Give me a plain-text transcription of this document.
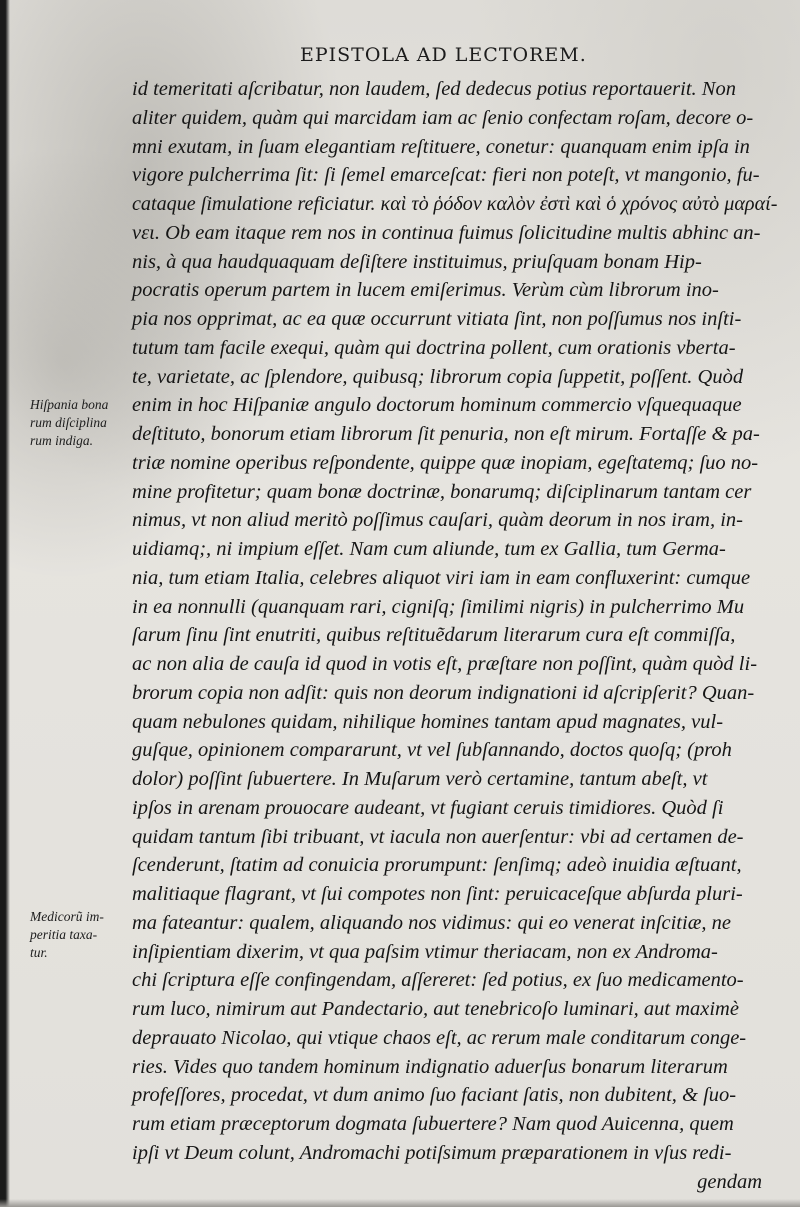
EPISTOLA AD LECTOREM.
Hiſpania bona
rum diſciplina
rum indiga.
Medicorũ im-
peritia taxa-
tur.
id temeritati aſcribatur, non laudem, ſed dedecus potius reportauerit. Non
aliter quidem, quàm qui marcidam iam ac ſenio confectam roſam, decore o-
mni exutam, in ſuam elegantiam reſtituere, conetur: quanquam enim ipſa in
vigore pulcherrima ſit: ſi ſemel emarceſcat: fieri non poteſt, vt mangonio, fu-
cataque ſimulatione reficiatur. καὶ τὸ ῥόδον καλὸν ἐστὶ καὶ ὁ χρόνος αὐτὸ μαραί-
νει. Ob eam itaque rem nos in continua fuimus ſolicitudine multis abhinc an-
nis, à qua haudquaquam deſiſtere instituimus, priuſquam bonam Hip-
pocratis operum partem in lucem emiſerimus. Verùm cùm librorum ino-
pia nos opprimat, ac ea quæ occurrunt vitiata ſint, non poſſumus nos inſti-
tutum tam facile exequi, quàm qui doctrina pollent, cum orationis vberta-
te, varietate, ac ſplendore, quibusq; librorum copia ſuppetit, poſſent. Quòd
enim in hoc Hiſpaniæ angulo doctorum hominum commercio vſquequaque
deſtituto, bonorum etiam librorum ſit penuria, non eſt mirum. Fortaſſe & pa-
triæ nomine operibus reſpondente, quippe quæ inopiam, egeſtatemq; ſuo no-
mine profitetur; quam bonæ doctrinæ, bonarumq; diſciplinarum tantam cer
nimus, vt non aliud meritò poſſimus cauſari, quàm deorum in nos iram, in-
uidiamq;, ni impium eſſet. Nam cum aliunde, tum ex Gallia, tum Germa-
nia, tum etiam Italia, celebres aliquot viri iam in eam confluxerint: cumque
in ea nonnulli (quanquam rari, cigniſq; ſimilimi nigris) in pulcherrimo Mu
ſarum ſinu ſint enutriti, quibus reſtituẽdarum literarum cura eſt commiſſa,
ac non alia de cauſa id quod in votis eſt, præſtare non poſſint, quàm quòd li-
brorum copia non adſit: quis non deorum indignationi id aſcripſerit? Quan-
quam nebulones quidam, nihilique homines tantam apud magnates, vul-
guſque, opinionem compararunt, vt vel ſubſannando, doctos quoſq; (proh
dolor) poſſint ſubuertere. In Muſarum verò certamine, tantum abeſt, vt
ipſos in arenam prouocare audeant, vt fugiant ceruis timidiores. Quòd ſi
quidam tantum ſibi tribuant, vt iacula non auerſentur: vbi ad certamen de-
ſcenderunt, ſtatim ad conuicia prorumpunt: ſenſimq; adeò inuidia æſtuant,
malitiaque flagrant, vt ſui compotes non ſint: peruicaceſque abſurda pluri-
ma fateantur: qualem, aliquando nos vidimus: qui eo venerat inſcitiæ, ne
inſipientiam dixerim, vt qua paſsim vtimur theriacam, non ex Androma-
chi ſcriptura eſſe confingendam, aſſereret: ſed potius, ex ſuo medicamento-
rum luco, nimirum aut Pandectario, aut tenebricoſo luminari, aut maximè
deprauato Nicolao, qui vtique chaos eſt, ac rerum male conditarum conge-
ries. Vides quo tandem hominum indignatio aduerſus bonarum literarum
profeſſores, procedat, vt dum animo ſuo faciant ſatis, non dubitent, & ſuo-
rum etiam præceptorum dogmata ſubuertere? Nam quod Auicenna, quem
ipſi vt Deum colunt, Andromachi potiſsimum præparationem in vſus redi-
gendam
